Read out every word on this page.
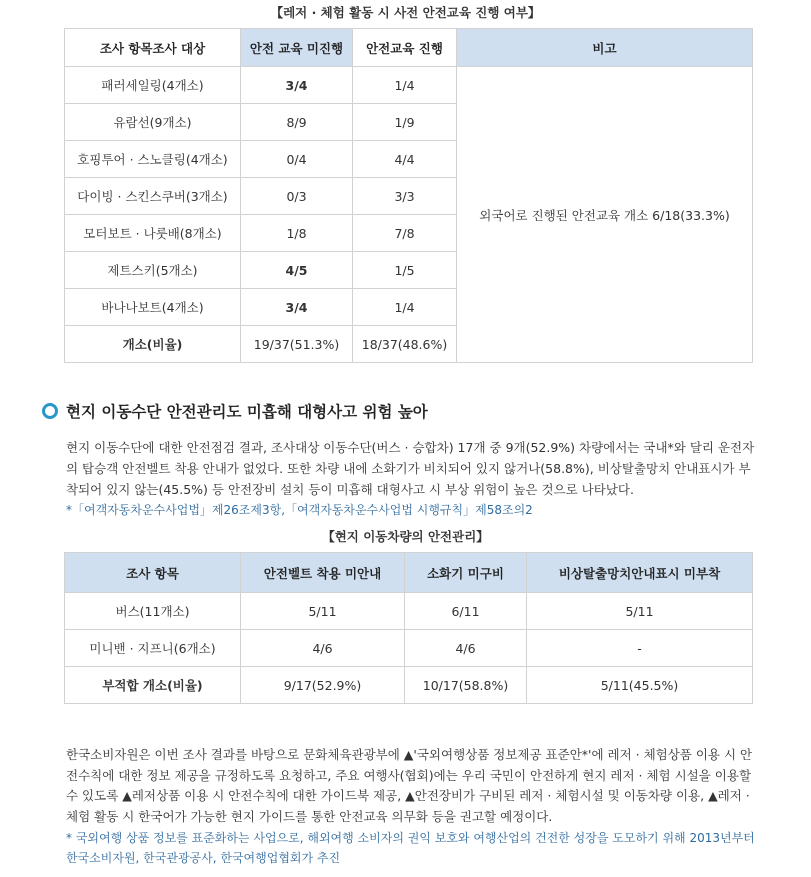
【레저 · 체험 활동 시 사전 안전교육 진행 여부】
조사 항목조사 대상	안전 교육 미진행	안전교육 진행	비고
패러세일링(4개소)	3/4	1/4	외국어로 진행된 안전교육 개소 6/18(33.3%)
유람선(9개소)	8/9	1/9	
호핑투어 · 스노클링(4개소)	0/4	4/4	
다이빙 · 스킨스쿠버(3개소)	0/3	3/3	
모터보트 · 나룻배(8개소)	1/8	7/8	
제트스키(5개소)	4/5	1/5	
바나나보트(4개소)	3/4	1/4	
개소(비율)	19/37(51.3%)	18/37(48.6%)	
현지 이동수단 안전관리도 미흡해 대형사고 위험 높아

현지 이동수단에 대한 안전점검 결과, 조사대상 이동수단(버스 · 승합차) 17개 중 9개(52.9%) 차량에서는 국내*와 달리 운전자의 탑승객 안전벨트 착용 안내가 없었다. 또한 차량 내에 소화기가 비치되어 있지 않거나(58.8%), 비상탈출망치 안내표시가 부착되어 있지 않는(45.5%) 등 안전장비 설치 등이 미흡해 대형사고 시 부상 위험이 높은 것으로 나타났다.

*「여객자동차운수사업법」제26조제3항,「여객자동차운수사업법 시행규칙」제58조의2

【현지 이동차량의 안전관리】
조사 항목	안전벨트 착용 미안내	소화기 미구비	비상탈출망치안내표시 미부착
버스(11개소)	5/11	6/11	5/11
미니밴 · 지프니(6개소)	4/6	4/6	-
부적합 개소(비율)	9/17(52.9%)	10/17(58.8%)	5/11(45.5%)

한국소비자원은 이번 조사 결과를 바탕으로 문화체육관광부에 ▲'국외여행상품 정보제공 표준안*'에 레저 · 체험상품 이용 시 안전수칙에 대한 정보 제공을 규정하도록 요청하고, 주요 여행사(협회)에는 우리 국민이 안전하게 현지 레저 · 체험 시설을 이용할 수 있도록 ▲레저상품 이용 시 안전수칙에 대한 가이드북 제공, ▲안전장비가 구비된 레저 · 체험시설 및 이동차량 이용, ▲레저 · 체험 활동 시 한국어가 가능한 현지 가이드를 통한 안전교육 의무화 등을 권고할 예정이다.

* 국외여행 상품 정보를 표준화하는 사업으로, 해외여행 소비자의 권익 보호와 여행산업의 건전한 성장을 도모하기 위해 2013년부터 한국소비자원, 한국관광공사, 한국여행업협회가 추진
